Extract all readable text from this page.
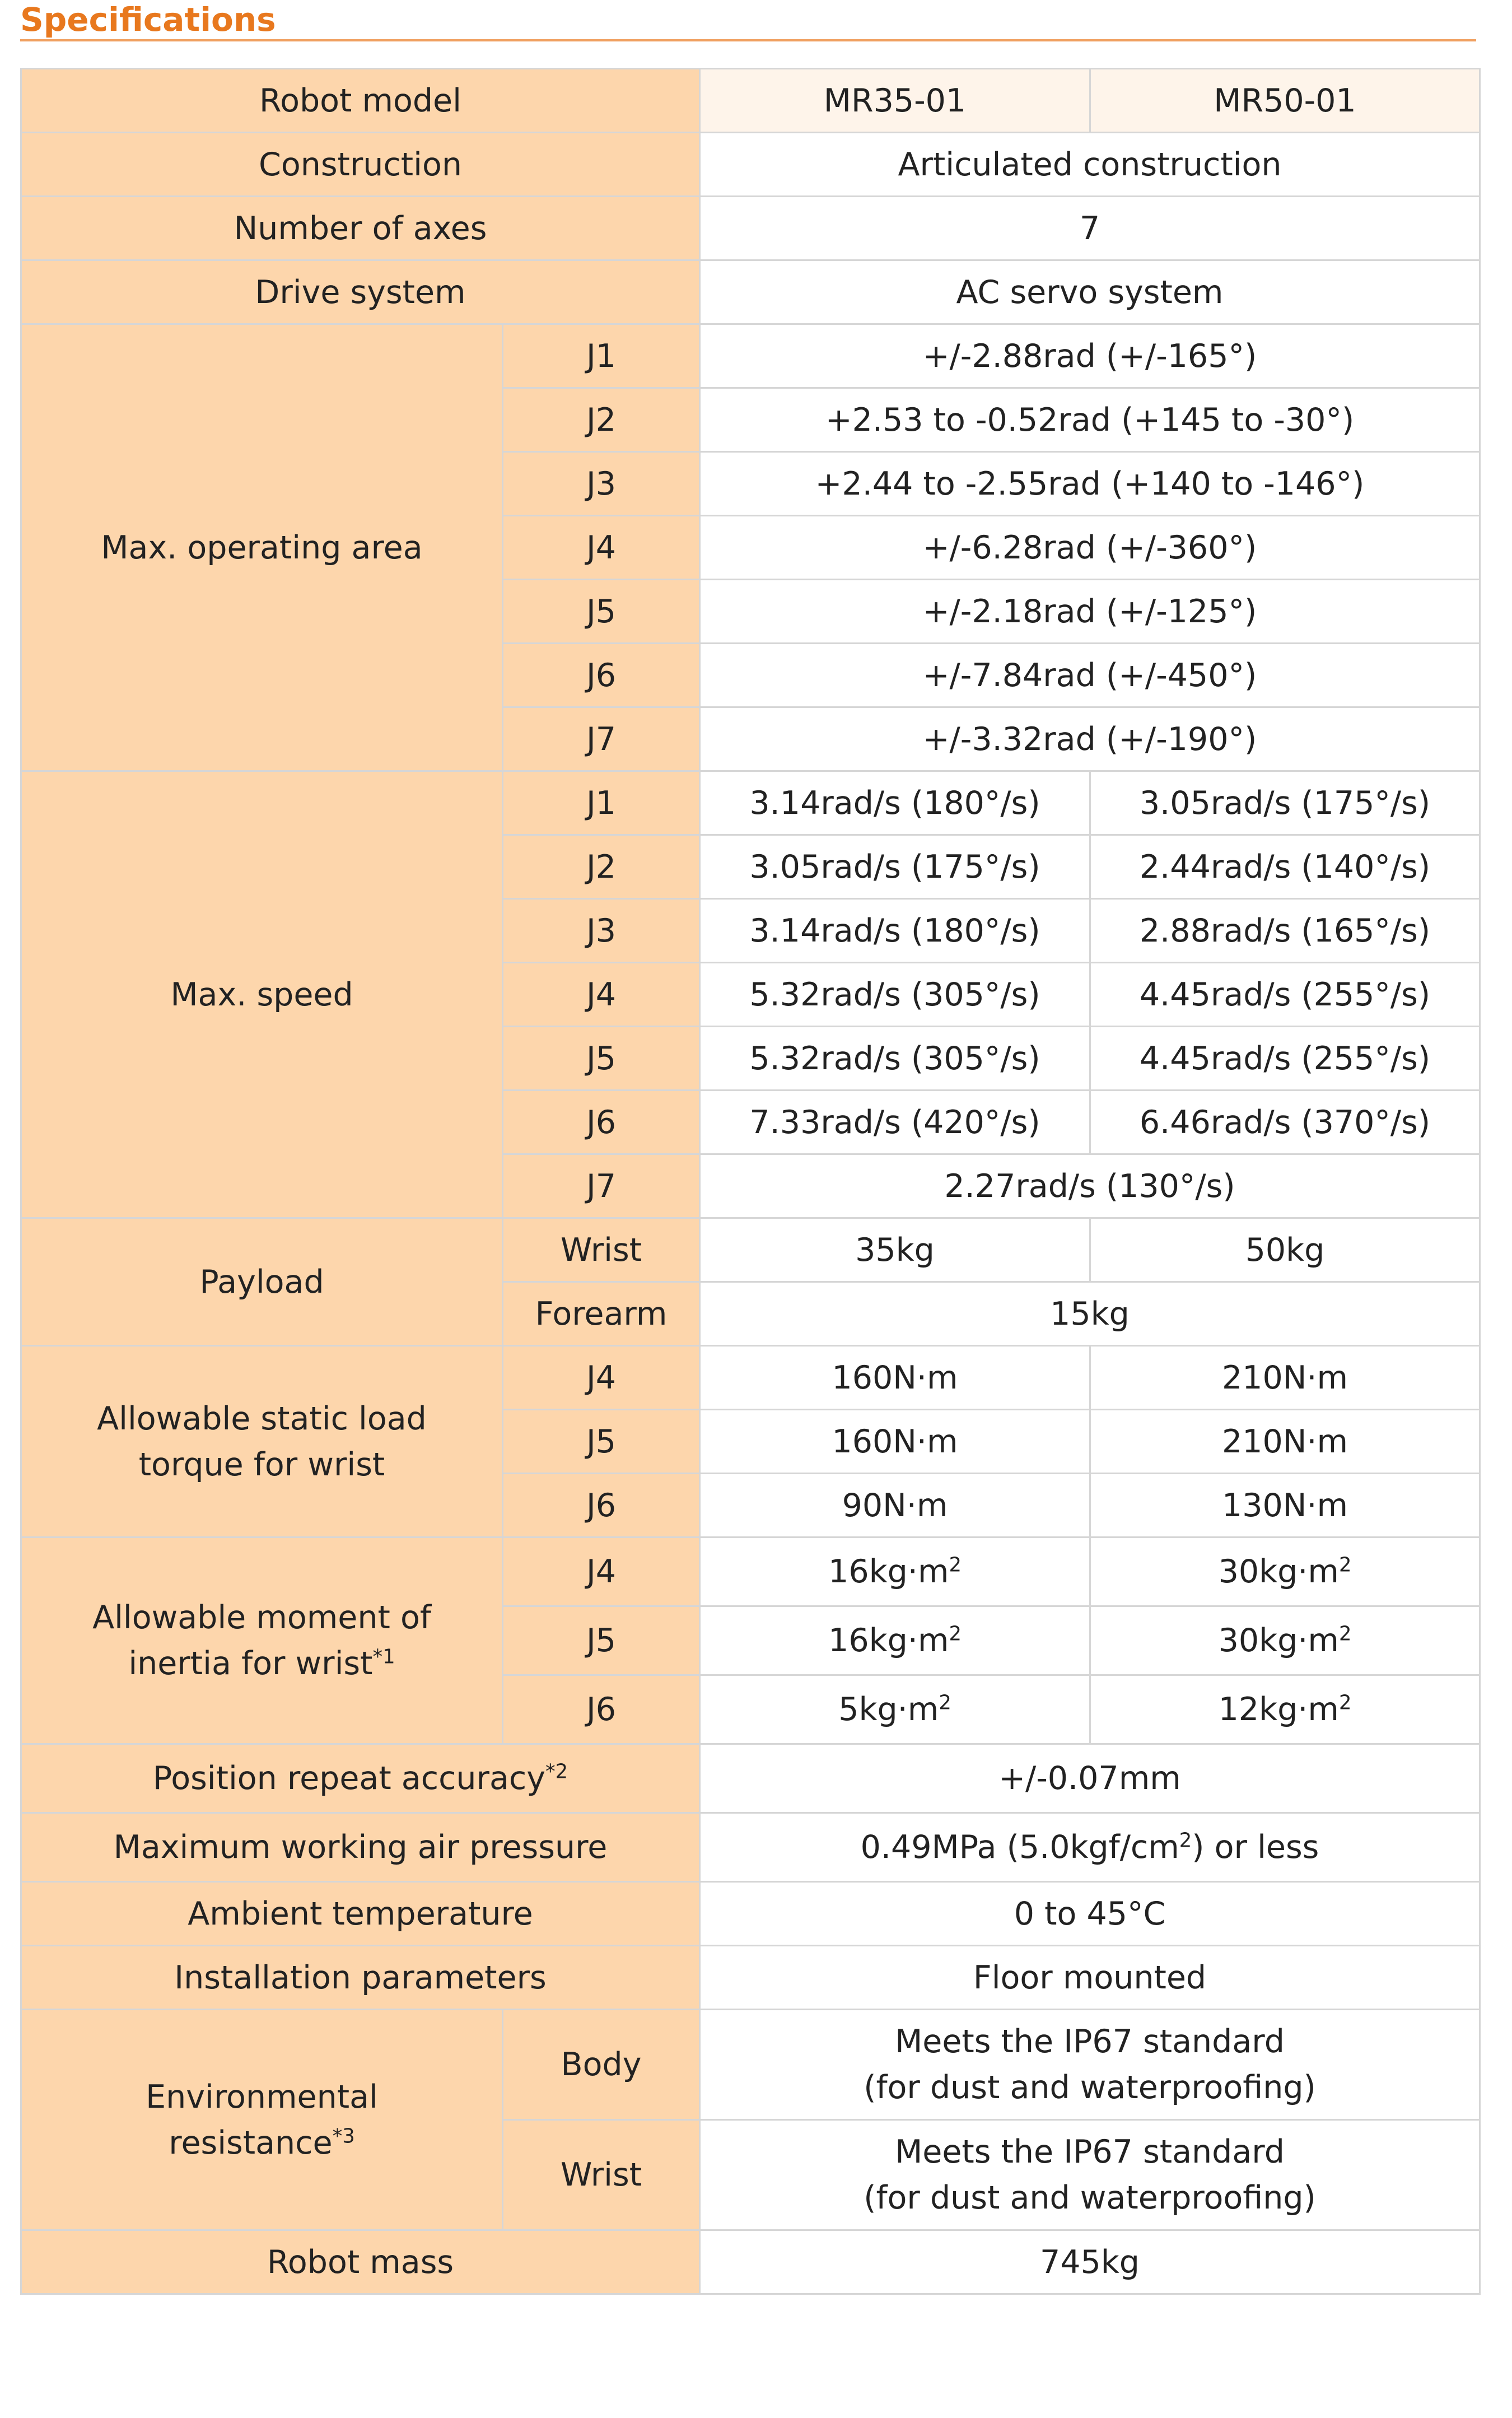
Specifications
Robot model		MR35-01	MR50-01
Construction		Articulated construction	
Number of axes		7	
Drive system		AC servo system	
Max. operating area	J1	+/-2.88rad (+/-165°)	
	J2	+2.53 to -0.52rad (+145 to -30°)	
	J3	+2.44 to -2.55rad (+140 to -146°)	
	J4	+/-6.28rad (+/-360°)	
	J5	+/-2.18rad (+/-125°)	
	J6	+/-7.84rad (+/-450°)	
	J7	+/-3.32rad (+/-190°)	
Max. speed	J1	3.14rad/s (180°/s)	3.05rad/s (175°/s)
	J2	3.05rad/s (175°/s)	2.44rad/s (140°/s)
	J3	3.14rad/s (180°/s)	2.88rad/s (165°/s)
	J4	5.32rad/s (305°/s)	4.45rad/s (255°/s)
	J5	5.32rad/s (305°/s)	4.45rad/s (255°/s)
	J6	7.33rad/s (420°/s)	6.46rad/s (370°/s)
	J7	2.27rad/s (130°/s)	
Payload	Wrist	35kg	50kg
	Forearm	15kg	

Allowable static load
torque for wrist	J4	160N·m	210N·m
	J5	160N·m	210N·m
	J6	90N·m	130N·m

Allowable moment of
inertia for wrist$^{*1}$	J4	$16kg\cdot m^2$	$30kg\cdot m^2$
	J5	$16kg\cdot m^2$	$30kg\cdot m^2$
	J6	$5kg\cdot m^2$	$12kg\cdot m^2$
Position repeat accuracy$^{*2}$		+/-0.07mm	
Maximum working air pressure		0.49MPa $(5.0kgf/cm^2)$ or less	
Ambient temperature		0 to 45°C	
Installation parameters		Floor mounted	

Environmental
resistance$^{*3}$	Body	Meets the IP67 standard
(for dust and waterproofing)	

	Wrist	Meets the IP67 standard
(for dust and waterproofing)	

Robot mass		745kg	
